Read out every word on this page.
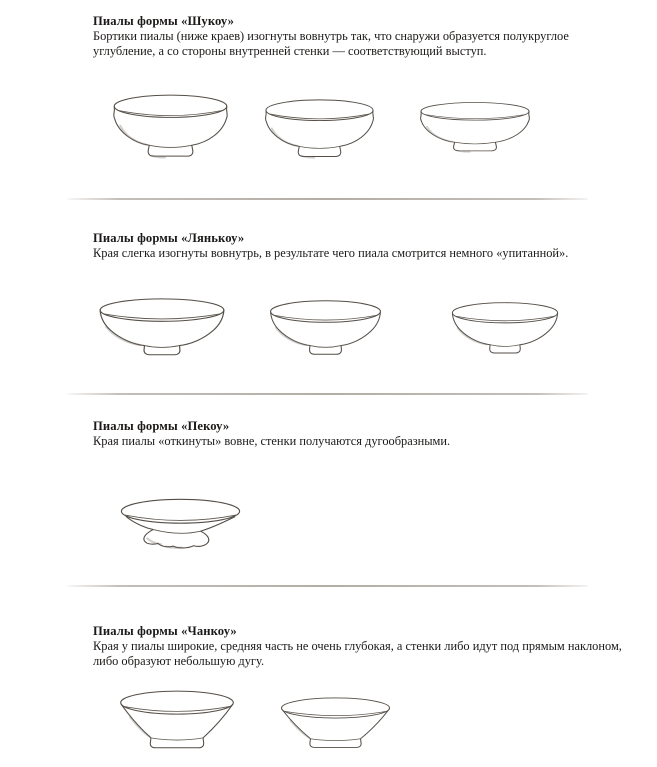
Пиалы формы «Шукоу»
Бортики пиалы (ниже краев) изогнуты вовнутрь так, что снаружи образуется полукруглое
углубление, а со стороны внутренней стенки — соответствующий выступ.
Пиалы формы «Лянькоу»
Края слегка изогнуты вовнутрь, в результате чего пиала смотрится немного «упитанной».
Пиалы формы «Пекоу»
Края пиалы «откинуты» вовне, стенки получаются дугообразными.
Пиалы формы «Чанкоу»
Края у пиалы широкие, средняя часть не очень глубокая, а стенки либо идут под прямым наклоном,
либо образуют небольшую дугу.
